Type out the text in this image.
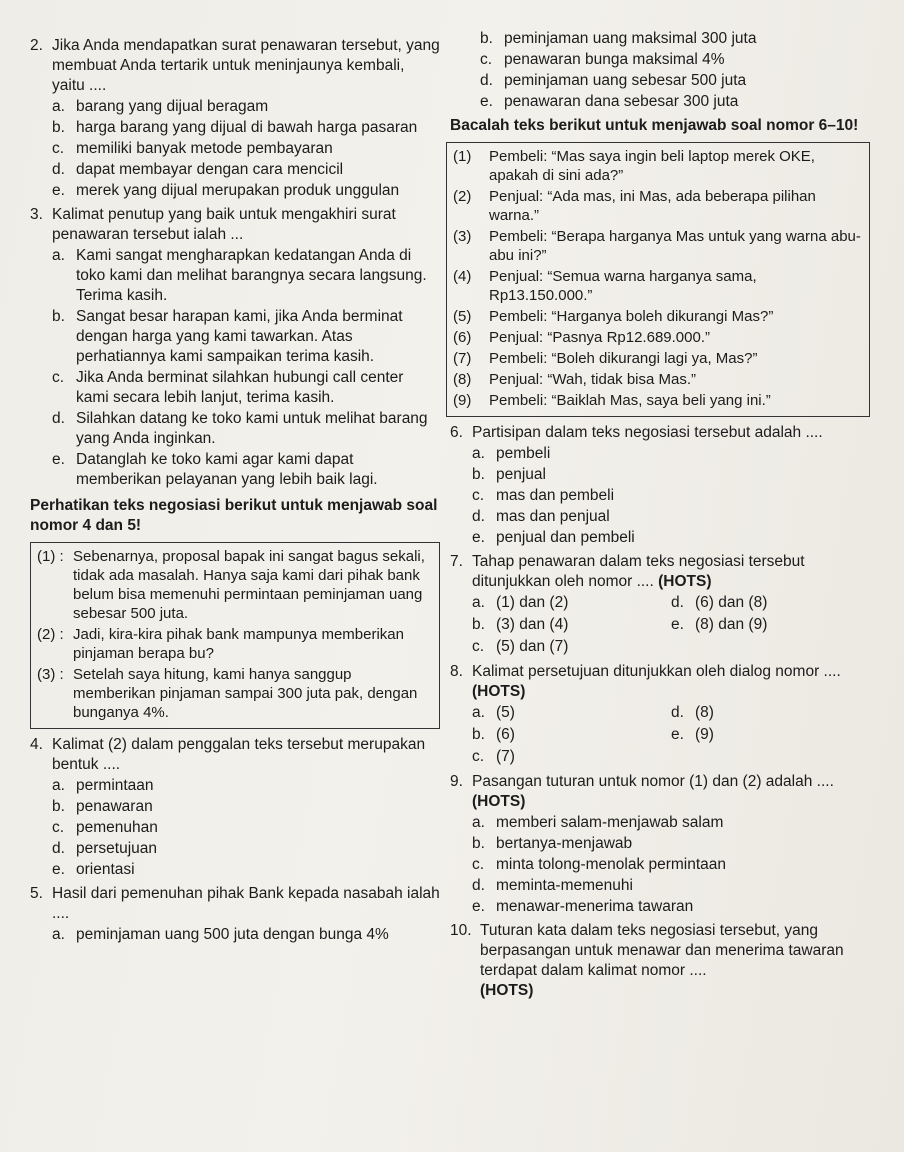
2. Jika Anda mendapatkan surat penawaran tersebut, yang membuat Anda tertarik untuk meninjaunya kembali, yaitu ....
a. barang yang dijual beragam
b. harga barang yang dijual di bawah harga pasaran
c. memiliki banyak metode pembayaran
d. dapat membayar dengan cara mencicil
e. merek yang dijual merupakan produk unggulan
3. Kalimat penutup yang baik untuk mengakhiri surat penawaran tersebut ialah ...
a. Kami sangat mengharapkan kedatangan Anda di toko kami dan melihat barangnya secara langsung. Terima kasih.
b. Sangat besar harapan kami, jika Anda berminat dengan harga yang kami tawarkan. Atas perhatiannya kami sampaikan terima kasih.
c. Jika Anda berminat silahkan hubungi call center kami secara lebih lanjut, terima kasih.
d. Silahkan datang ke toko kami untuk melihat barang yang Anda inginkan.
e. Datanglah ke toko kami agar kami dapat memberikan pelayanan yang lebih baik lagi.
Perhatikan teks negosiasi berikut untuk menjawab soal nomor 4 dan 5!
(1) : Sebenarnya, proposal bapak ini sangat bagus sekali, tidak ada masalah. Hanya saja kami dari pihak bank belum bisa memenuhi permintaan peminjaman uang sebesar 500 juta.
(2) : Jadi, kira-kira pihak bank mampunya memberikan pinjaman berapa bu?
(3) : Setelah saya hitung, kami hanya sanggup memberikan pinjaman sampai 300 juta pak, dengan bunganya 4%.
4. Kalimat (2) dalam penggalan teks tersebut merupakan bentuk ....
a. permintaan
b. penawaran
c. pemenuhan
d. persetujuan
e. orientasi
5. Hasil dari pemenuhan pihak Bank kepada nasabah ialah ....
a. peminjaman uang 500 juta dengan bunga 4%
b. peminjaman uang maksimal 300 juta
c. penawaran bunga maksimal 4%
d. peminjaman uang sebesar 500 juta
e. penawaran dana sebesar 300 juta
Bacalah teks berikut untuk menjawab soal nomor 6–10!
(1)	Pembeli: “Mas saya ingin beli laptop merek OKE, apakah di sini ada?”
(2)	Penjual: “Ada mas, ini Mas, ada beberapa pilihan warna.”
(3)	Pembeli: “Berapa harganya Mas untuk yang warna abu-abu ini?”
(4)	Penjual: “Semua warna harganya sama, Rp13.150.000.”
(5)	Pembeli: “Harganya boleh dikurangi Mas?”
(6)	Penjual: “Pasnya Rp12.689.000.”
(7)	Pembeli: “Boleh dikurangi lagi ya, Mas?”
(8)	Penjual: “Wah, tidak bisa Mas.”
(9)	Pembeli: “Baiklah Mas, saya beli yang ini.”
6. Partisipan dalam teks negosiasi tersebut adalah ....
a. pembeli
b. penjual
c. mas dan pembeli
d. mas dan penjual
e. penjual dan pembeli
7. Tahap penawaran dalam teks negosiasi tersebut ditunjukkan oleh nomor .... (HOTS)
a. (1) dan (2)	d. (6) dan (8)
b. (3) dan (4)	e. (8) dan (9)
c. (5) dan (7)
8. Kalimat persetujuan ditunjukkan oleh dialog nomor .... (HOTS)
a. (5)	d. (8)
b. (6)	e. (9)
c. (7)
9. Pasangan tuturan untuk nomor (1) dan (2) adalah .... (HOTS)
a. memberi salam-menjawab salam
b. bertanya-menjawab
c. minta tolong-menolak permintaan
d. meminta-memenuhi
e. menawar-menerima tawaran
10. Tuturan kata dalam teks negosiasi tersebut, yang berpasangan untuk menawar dan menerima tawaran terdapat dalam kalimat nomor ....
(HOTS)
